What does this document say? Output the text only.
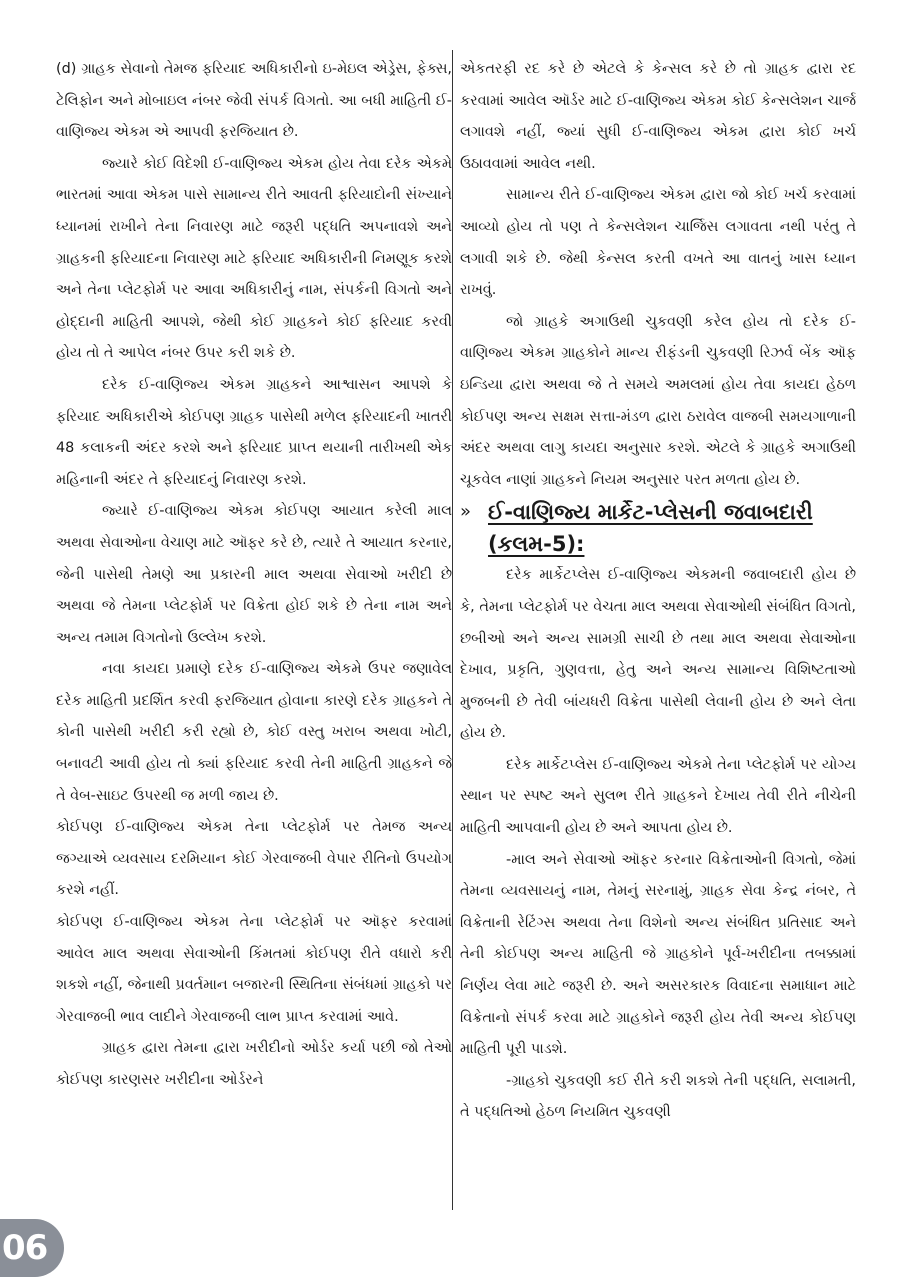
(d) ગ્રાહક સેવાનો તેમજ ફરિયાદ અધિકારીનો ઇ-મેઇલ એડ્રેસ, ફેક્સ, ટેલિફોન અને મોબાઇલ નંબર જેવી સંપર્ક વિગતો. આ બધી માહિતી ઈ-વાણિજ્ય એકમ એ આપવી ફરજિયાત છે.

જ્યારે કોઈ વિદેશી ઈ-વાણિજ્ય એકમ હોય તેવા દરેક એકમે ભારતમાં આવા એકમ પાસે સામાન્ય રીતે આવતી ફરિયાદોની સંખ્યાને ધ્યાનમાં રાખીને તેના નિવારણ માટે જરૂરી પદ્ધતિ અપનાવશે અને ગ્રાહકની ફરિયાદના નિવારણ માટે ફરિયાદ અધિકારીની નિમણૂક કરશે અને તેના પ્લેટફોર્મ પર આવા અધિકારીનું નામ, સંપર્કની વિગતો અને હોદ્દાની માહિતી આપશે, જેથી કોઈ ગ્રાહકને કોઈ ફરિયાદ કરવી હોય તો તે આપેલ નંબર ઉપર કરી શકે છે.

દરેક ઈ-વાણિજ્ય એકમ ગ્રાહકને આશ્વાસન આપશે કે ફરિયાદ અધિકારીએ કોઈપણ ગ્રાહક પાસેથી મળેલ ફરિયાદની ખાતરી 48 કલાકની અંદર કરશે અને ફરિયાદ પ્રાપ્ત થયાની તારીખથી એક મહિનાની અંદર તે ફરિયાદનું નિવારણ કરશે.

જ્યારે ઈ-વાણિજ્ય એકમ કોઈપણ આયાત કરેલી માલ અથવા સેવાઓના વેચાણ માટે ઑફર કરે છે, ત્યારે તે આયાત કરનાર, જેની પાસેથી તેમણે આ પ્રકારની માલ અથવા સેવાઓ ખરીદી છે અથવા જે તેમના પ્લેટફોર્મ પર વિક્રેતા હોઈ શકે છે તેના નામ અને અન્ય તમામ વિગતોનો ઉલ્લેખ કરશે.

નવા કાયદા પ્રમાણે દરેક ઈ-વાણિજ્ય એકમે ઉપર જણાવેલ દરેક માહિતી પ્રદર્શિત કરવી ફરજિયાત હોવાના કારણે દરેક ગ્રાહકને તે કોની પાસેથી ખરીદી કરી રહ્યો છે, કોઈ વસ્તુ ખરાબ અથવા ખોટી, બનાવટી આવી હોય તો ક્યાં ફરિયાદ કરવી તેની માહિતી ગ્રાહકને જે તે વેબ-સાઇટ ઉપરથી જ મળી જાય છે.

કોઈપણ ઈ-વાણિજ્ય એકમ તેના પ્લેટફોર્મ પર તેમજ અન્ય જગ્યાએ વ્યવસાય દરમિયાન કોઈ ગેરવાજબી વેપાર રીતિનો ઉપયોગ કરશે નહીં.

કોઈપણ ઈ-વાણિજ્ય એકમ તેના પ્લેટફોર્મ પર ઑફર કરવામાં આવેલ માલ અથવા સેવાઓની કિંમતમાં કોઈપણ રીતે વધારો કરી શકશે નહીં, જેનાથી પ્રવર્તમાન બજારની સ્થિતિના સંબંધમાં ગ્રાહકો પર ગેરવાજબી ભાવ લાદીને ગેરવાજબી લાભ પ્રાપ્ત કરવામાં આવે.

ગ્રાહક દ્વારા તેમના દ્વારા ખરીદીનો ઓર્ડર કર્યા પછી જો તેઓ કોઈપણ કારણસર ખરીદીના ઓર્ડરને

એકતરફી રદ કરે છે એટલે કે કેન્સલ કરે છે તો ગ્રાહક દ્વારા રદ કરવામાં આવેલ ઑર્ડર માટે ઈ-વાણિજ્ય એકમ કોઈ કેન્સલેશન ચાર્જ લગાવશે નહીં, જ્યાં સુધી ઈ-વાણિજ્ય એકમ દ્વારા કોઈ ખર્ચ ઉઠાવવામાં આવેલ નથી.

સામાન્ય રીતે ઈ-વાણિજ્ય એકમ દ્વારા જો કોઈ ખર્ચ કરવામાં આવ્યો હોય તો પણ તે કેન્સલેશન ચાર્જિસ લગાવતા નથી પરંતુ તે લગાવી શકે છે. જેથી કેન્સલ કરતી વખતે આ વાતનું ખાસ ધ્યાન રાખવું.

જો ગ્રાહકે અગાઉથી ચુકવણી કરેલ હોય તો દરેક ઈ-વાણિજ્ય એકમ ગ્રાહકોને માન્ય રીફંડની ચુકવણી રિઝર્વ બેંક ઑફ ઇન્ડિયા દ્વારા અથવા જે તે સમયે અમલમાં હોય તેવા કાયદા હેઠળ કોઈપણ અન્ય સક્ષમ સત્તા-મંડળ દ્વારા ઠરાવેલ વાજબી સમયગાળાની અંદર અથવા લાગુ કાયદા અનુસાર કરશે. એટલે કે ગ્રાહકે અગાઉથી ચૂકવેલ નાણાં ગ્રાહકને નિયમ અનુસાર પરત મળતા હોય છે.

» ઈ-વાણિજ્ય માર્કેટ-પ્લેસની જવાબદારી (કલમ-5):

દરેક માર્કેટપ્લેસ ઈ-વાણિજ્ય એકમની જવાબદારી હોય છે કે, તેમના પ્લેટફોર્મ પર વેચતા માલ અથવા સેવાઓથી સંબંધિત વિગતો, છબીઓ અને અન્ય સામગ્રી સાચી છે તથા માલ અથવા સેવાઓના દેખાવ, પ્રકૃતિ, ગુણવત્તા, હેતુ અને અન્ય સામાન્ય વિશિષ્ટતાઓ મુજબની છે તેવી બાંયધરી વિક્રેતા પાસેથી લેવાની હોય છે અને લેતા હોય છે.

દરેક માર્કેટપ્લેસ ઈ-વાણિજ્ય એકમે તેના પ્લેટફોર્મ પર યોગ્ય સ્થાન પર સ્પષ્ટ અને સુલભ રીતે ગ્રાહકને દેખાય તેવી રીતે નીચેની માહિતી આપવાની હોય છે અને આપતા હોય છે.

-માલ અને સેવાઓ ઑફર કરનાર વિક્રેતાઓની વિગતો, જેમાં તેમના વ્યવસાયનું નામ, તેમનું સરનામું, ગ્રાહક સેવા કેન્દ્ર નંબર, તે વિક્રેતાની રેટિંગ્સ અથવા તેના વિશેનો અન્ય સંબંધિત પ્રતિસાદ અને તેની કોઈપણ અન્ય માહિતી જે ગ્રાહકોને પૂર્વ-ખરીદીના તબક્કામાં નિર્ણય લેવા માટે જરૂરી છે. અને અસરકારક વિવાદના સમાધાન માટે વિક્રેતાનો સંપર્ક કરવા માટે ગ્રાહકોને જરૂરી હોય તેવી અન્ય કોઈપણ માહિતી પૂરી પાડશે.

-ગ્રાહકો ચુકવણી કઈ રીતે કરી શકશે તેની પદ્ધતિ, સલામતી, તે પદ્ધતિઓ હેઠળ નિયમિત ચુકવણી

06
